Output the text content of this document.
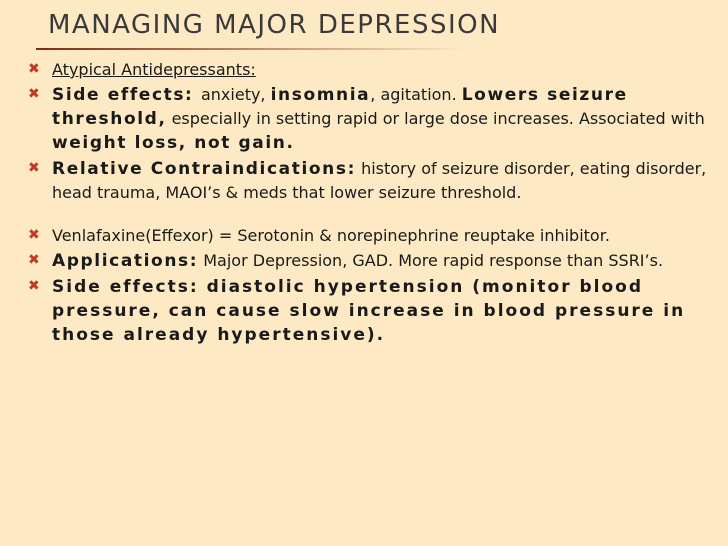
MANAGING MAJOR DEPRESSION
✖ Atypical Antidepressants:
✖ Side effects: anxiety, insomnia, agitation. Lowers seizure threshold, especially in setting rapid or large dose increases. Associated with weight loss, not gain.
✖ Relative Contraindications: history of seizure disorder, eating disorder, head trauma, MAOI’s & meds that lower seizure threshold.
✖ Venlafaxine(Effexor) = Serotonin & norepinephrine reuptake inhibitor.
✖ Applications: Major Depression, GAD. More rapid response than SSRI’s.
✖ Side effects: diastolic hypertension (monitor blood pressure, can cause slow increase in blood pressure in those already hypertensive).
